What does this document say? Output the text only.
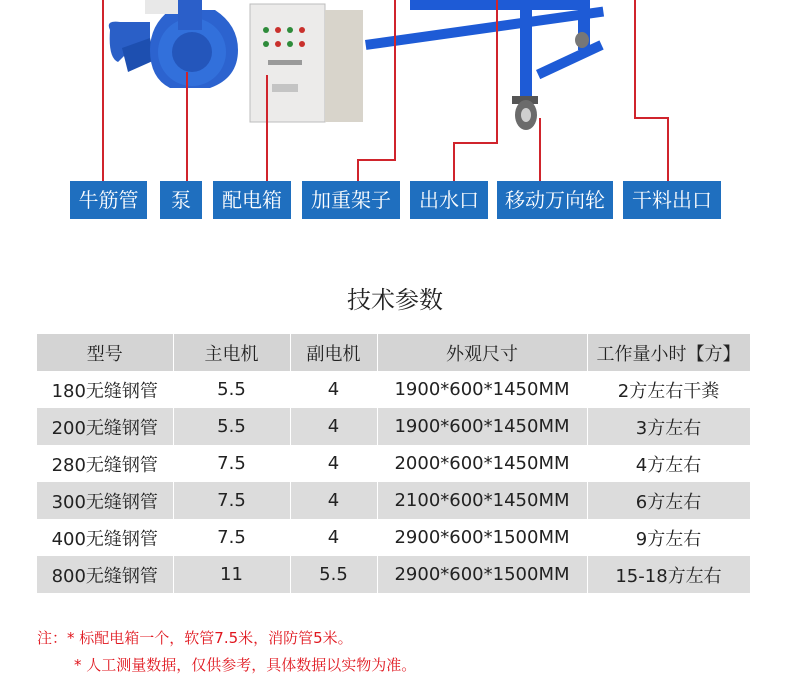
牛筋管	泵	配电箱	加重架子	出水口	移动万向轮	干料出口
技术参数
型号	主电机	副电机	外观尺寸	工作量小时【方】
180无缝钢管	5.5	4	1900*600*1450MM	2方左右干粪
200无缝钢管	5.5	4	1900*600*1450MM	3方左右
280无缝钢管	7.5	4	2000*600*1450MM	4方左右
300无缝钢管	7.5	4	2100*600*1450MM	6方左右
400无缝钢管	7.5	4	2900*600*1500MM	9方左右
800无缝钢管	11	5.5	2900*600*1500MM	15-18方左右
注：* 标配电箱一个，软管7.5米，消防管5米。
* 人工测量数据，仅供参考，具体数据以实物为准。
